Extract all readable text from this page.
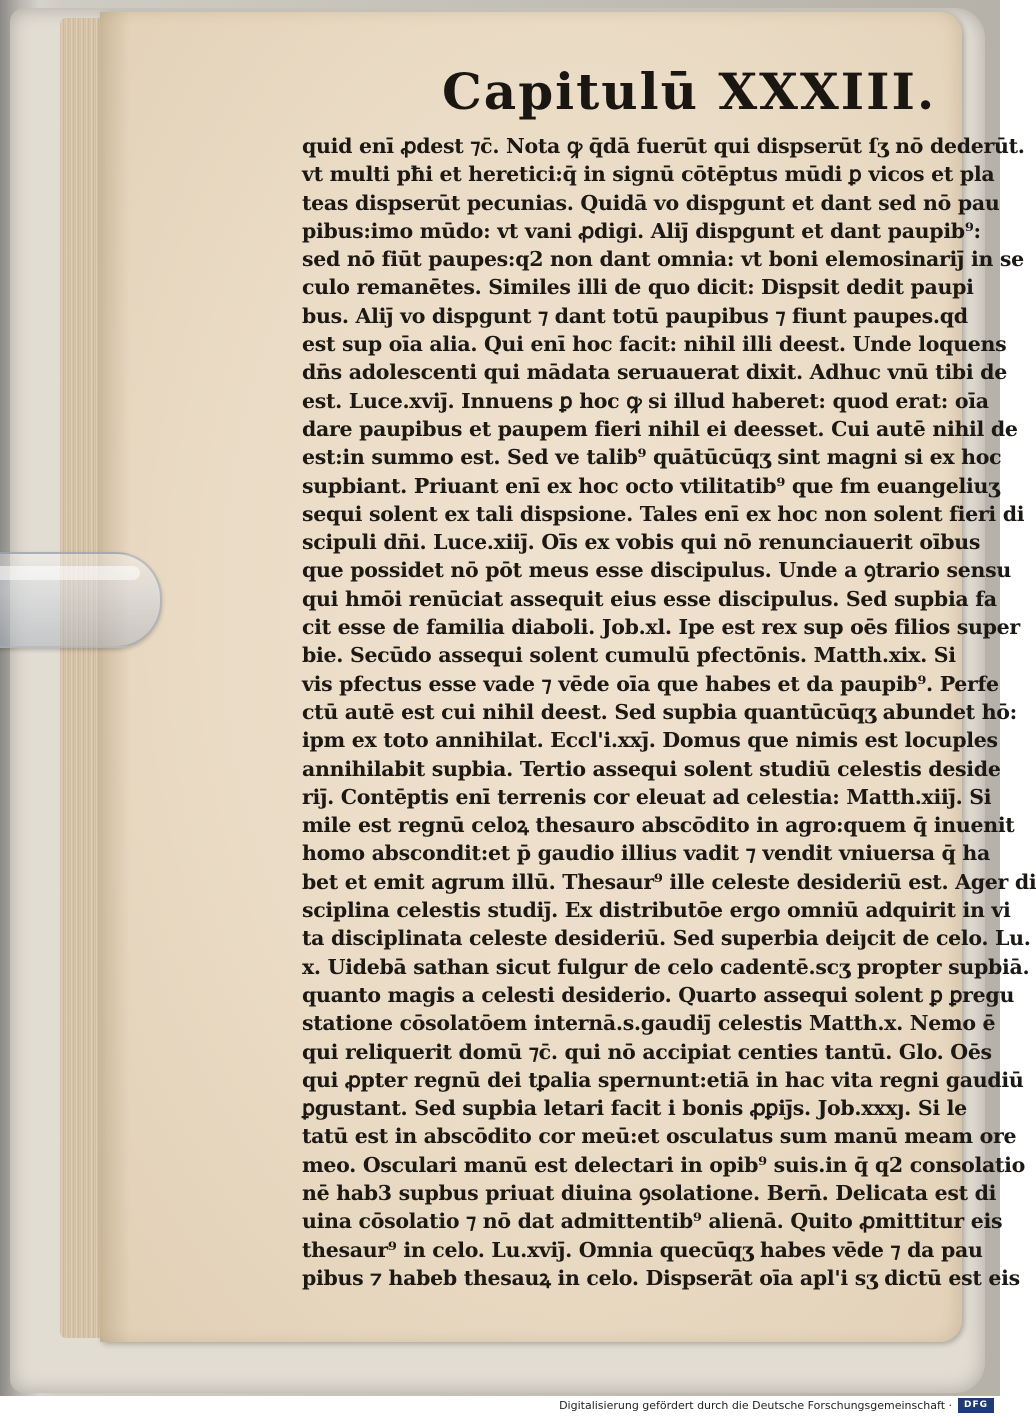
Capitulū XXXIII.
quid enī ꝓdest ⁊c̄. Nota ꝙ q̄dā fuerūt qui dispserūt ſʒ nō dederūt.
vt multi pħi et heretici:q̄ in signū cōtēptus mūdi ꝑ vicos et pla
teas dispserūt pecunias. Quidā vo dispgunt et dant sed nō pau
pibus:imo mūdo: vt vani ꝓdigi. Aliȷ̄ dispgunt et dant paupib⁹:
sed nō fiūt paupes:q2 non dant omnia: vt boni elemosinariȷ̄ in se
culo remanētes. Similes illi de quo dicit: Dispsit dedit paupi
bus. Aliȷ̄ vo dispgunt ⁊ dant totū paupibus ⁊ fiunt paupes.qd
est sup oīa alia. Qui enī hoc facit: nihil illi deest. Unde loquens
dn̄s adolescenti qui mādata seruauerat dixit. Adhuc vnū tibi de
est. Luce.xviȷ̄. Innuens ꝑ hoc ꝙ si illud haberet: quod erat: oīa
dare paupibus et paupem fieri nihil ei deesset. Cui autē nihil de
est:in summo est. Sed ve talib⁹ quātūcūqʒ sint magni si ex hoc
supbiant. Priuant enī ex hoc octo vtilitatib⁹ que fm euangeliuʒ
sequi solent ex tali dispsione. Tales enī ex hoc non solent fieri di
scipuli dn̄i. Luce.xiiȷ̄. Oīs ex vobis qui nō renunciauerit oībus
que possidet nō pōt meus esse discipulus. Unde a ꝯtrario sensu
qui hmōi renūciat assequit eius esse discipulus. Sed supbia fa
cit esse de familia diaboli. Job.xl. Ipe est rex sup oēs filios super
bie. Secūdo assequi solent cumulū pfectōnis. Matth.xix. Si
vis pfectus esse vade ⁊ vēde oīa que habes et da paupib⁹. Perfe
ctū autē est cui nihil deest. Sed supbia quantūcūqʒ abundet hō:
ipm ex toto annihilat. Eccl'i.xxȷ̄. Domus que nimis est locuples
annihilabit supbia. Tertio assequi solent studiū celestis deside
riȷ̄. Contēptis enī terrenis cor eleuat ad celestia: Matth.xiiȷ̄. Si
mile est regnū celoꝝ thesauro abscōdito in agro:quem q̄ inuenit
homo abscondit:et p̄ gaudio illius vadit ⁊ vendit vniuersa q̄ ha
bet et emit agrum illū. Thesaur⁹ ille celeste desideriū est. Ager di
sciplina celestis studiȷ̄. Ex distributōe ergo omniū adquirit in vi
ta disciplinata celeste desideriū. Sed superbia deiȷcit de celo. Lu.
x. Uidebā sathan sicut fulgur de celo cadentē.scʒ propter supbiā.
quanto magis a celesti desiderio. Quarto assequi solent ꝑ ꝑregu
statione cōsolatōem internā.s.gaudiȷ̄ celestis Matth.x. Nemo ē
qui reliquerit domū ⁊c̄. qui nō accipiat centies tantū. Glo. Oēs
qui ꝓpter regnū dei tꝑalia spernunt:etiā in hac vita regni gaudiū
ꝑgustant. Sed supbia letari facit i bonis ꝓꝑiȷ̄s. Job.xxxȷ. Si le
tatū est in abscōdito cor meū:et osculatus sum manū meam ore
meo. Osculari manū est delectari in opib⁹ suis.in q̄ q2 consolatio
nē hab3 supbus priuat diuina ꝯsolatione. Bern̄. Delicata est di
uina cōsolatio ⁊ nō dat admittentib⁹ alienā. Quito ꝓmittitur eis
thesaur⁹ in celo. Lu.xviȷ̄. Omnia quecūqʒ habes vēde ⁊ da pau
pibus ⁊ habeb thesauꝝ in celo. Dispserāt oīa apl'i sʒ dictū est eis
Digitalisierung gefördert durch die Deutsche Forschungsgemeinschaft ·	DFG
